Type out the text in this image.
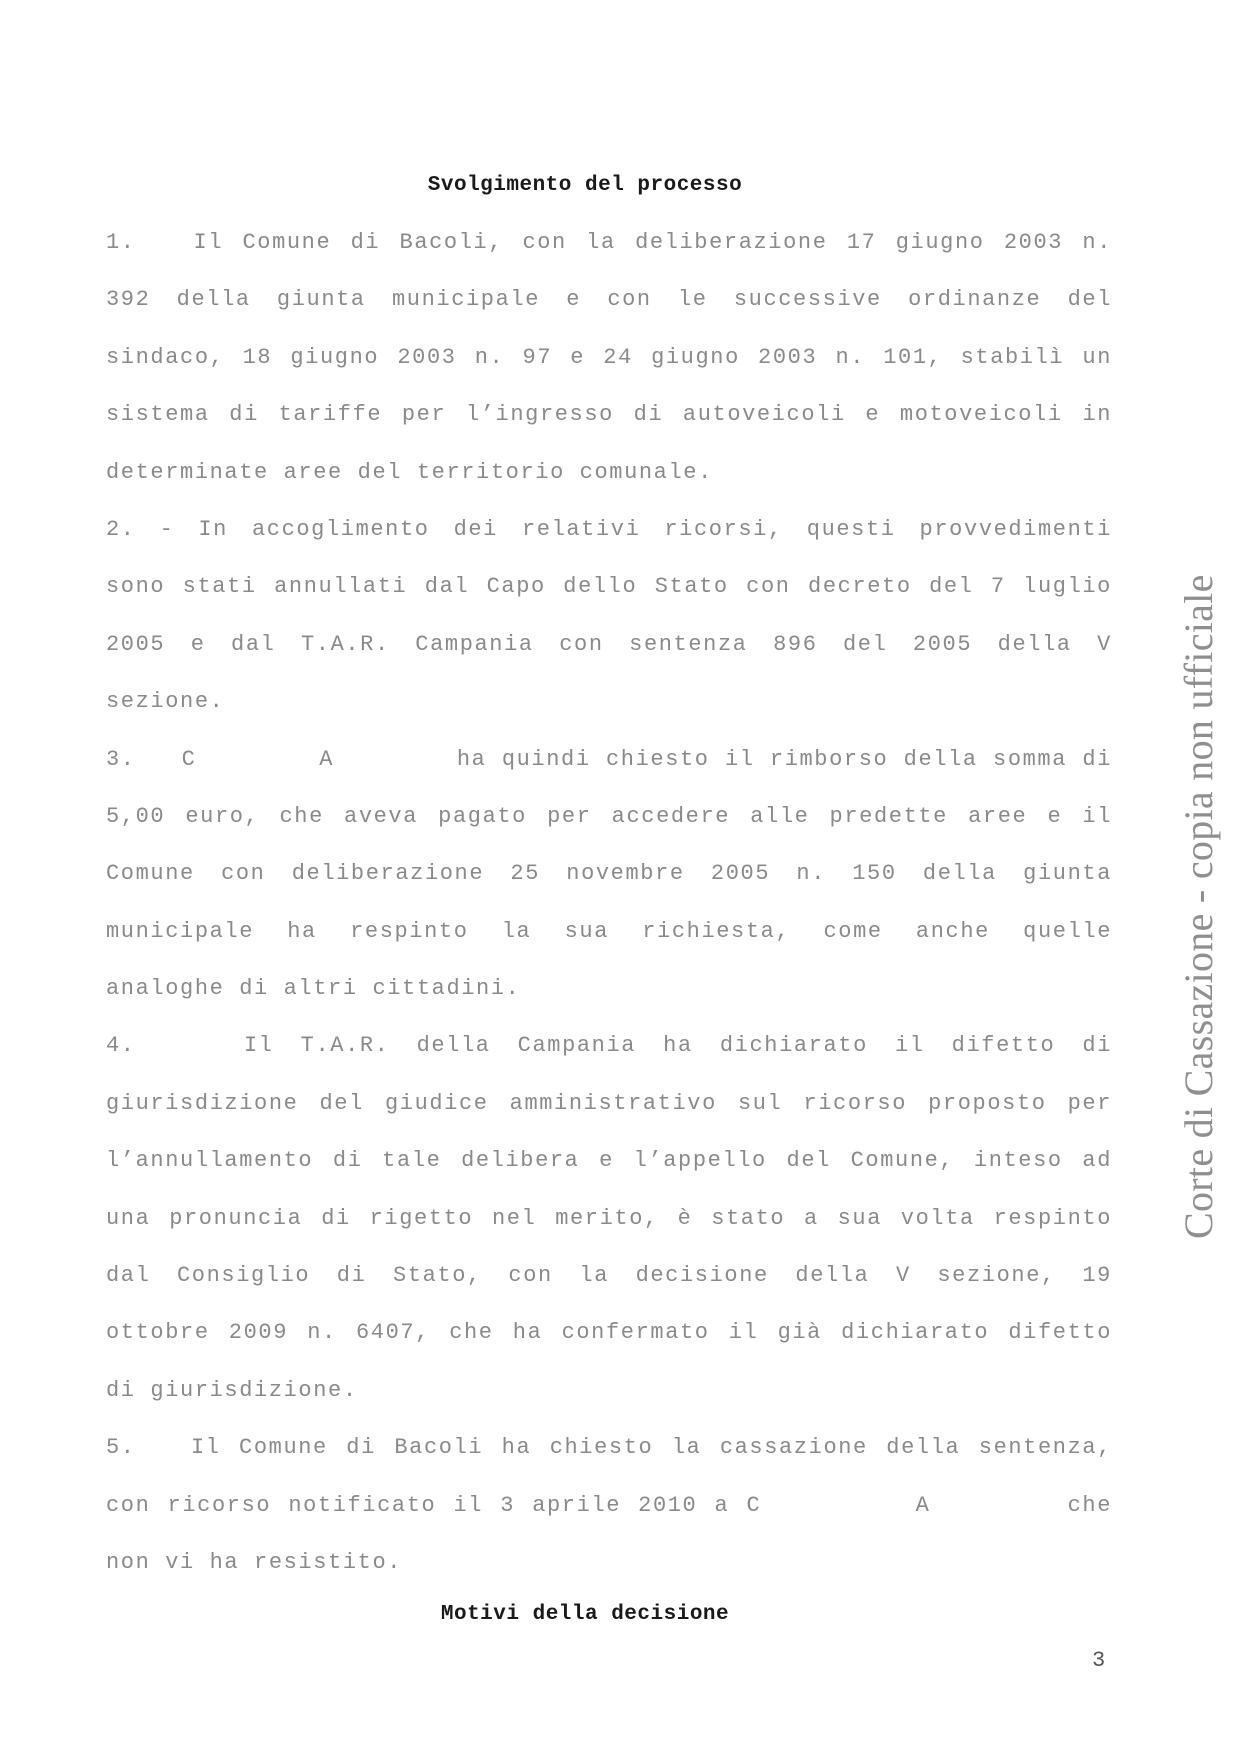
Svolgimento del processo
1.   Il Comune di Bacoli, con la deliberazione 17 giugno 2003 n.
392 della giunta municipale e con le successive ordinanze del
sindaco, 18 giugno 2003 n. 97 e 24 giugno 2003 n. 101, stabilì un
sistema di tariffe per l’ingresso di autoveicoli e motoveicoli in
determinate aree del territorio comunale.
2. - In accoglimento dei relativi ricorsi, questi provvedimenti
sono stati annullati dal Capo dello Stato con decreto del 7 luglio
2005 e dal T.A.R. Campania con sentenza 896 del 2005 della V
sezione.
3.   C        A        ha quindi chiesto il rimborso della somma di
5,00 euro, che aveva pagato per accedere alle predette aree e il
Comune con deliberazione 25 novembre 2005 n. 150 della giunta
municipale ha respinto la sua richiesta, come anche quelle
analoghe di altri cittadini.
4.    Il T.A.R. della Campania ha dichiarato il difetto di
giurisdizione del giudice amministrativo sul ricorso proposto per
l’annullamento di tale delibera e l’appello del Comune, inteso ad
una pronuncia di rigetto nel merito, è stato a sua volta respinto
dal Consiglio di Stato, con la decisione della V sezione, 19
ottobre 2009 n. 6407, che ha confermato il già dichiarato difetto
di giurisdizione.
5.   Il Comune di Bacoli ha chiesto la cassazione della sentenza,
con ricorso notificato il 3 aprile 2010 a C         A        che
non vi ha resistito.
Motivi della decisione
Corte di Cassazione - copia non ufficiale
3
